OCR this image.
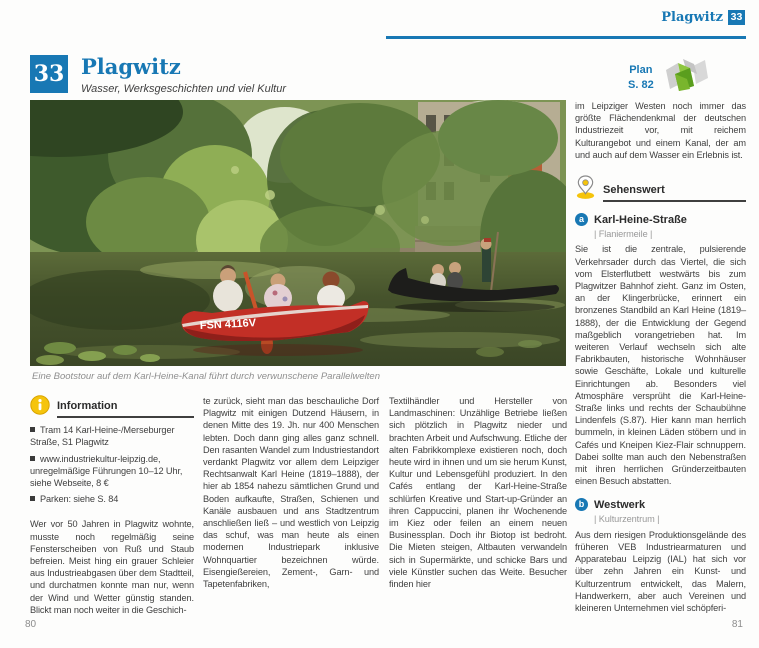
Plagwitz 33
33 Plagwitz
Wasser, Werksgeschichten und viel Kultur
Plan
S. 82
FSN 4116V
Eine Bootstour auf dem Karl-Heine-Kanal führt durch verwunschene Parallelwelten
Information
Tram 14 Karl-Heine-/Merseburger Straße, S1 Plagwitz
www.industriekultur-leipzig.de, unregelmäßige Führungen 10–12 Uhr, siehe Webseite, 8 €
Parken: siehe S. 84
Wer vor 50 Jahren in Plagwitz wohnte, musste noch regelmäßig seine Fensterscheiben von Ruß und Staub befreien. Meist hing ein grauer Schleier aus Industrieabgasen über dem Stadtteil, und durchatmen konnte man nur, wenn der Wind und Wetter günstig standen. Blickt man noch weiter in die Geschich-
te zurück, sieht man das beschauliche Dorf Plagwitz mit einigen Dutzend Häusern, in denen Mitte des 19. Jh. nur 400 Menschen lebten. Doch dann ging alles ganz schnell. Den rasanten Wandel zum Industriestandort verdankt Plagwitz vor allem dem Leipziger Rechtsanwalt Karl Heine (1819–1888), der hier ab 1854 nahezu sämtlichen Grund und Boden aufkaufte, Straßen, Schienen und Kanäle ausbauen und ans Stadtzentrum anschließen ließ – und westlich von Leipzig das schuf, was man heute als einen modernen Industriepark inklusive Wohnquartier bezeichnen würde. Eisengießereien, Zement-, Garn- und Tapetenfabriken,
Textilhändler und Hersteller von Landmaschinen: Unzählige Betriebe ließen sich plötzlich in Plagwitz nieder und brachten Arbeit und Aufschwung. Etliche der alten Fabrikkomplexe existieren noch, doch heute wird in ihnen und um sie herum Kunst, Kultur und Lebensgefühl produziert. In den Cafés entlang der Karl-Heine-Straße schlürfen Kreative und Start-up-Gründer an ihren Cappuccini, planen ihr Wochenende im Kiez oder feilen an einem neuen Businessplan. Doch ihr Biotop ist bedroht. Die Mieten steigen, Altbauten verwandeln sich in Supermärkte, und schicke Bars und viele Künstler suchen das Weite. Besucher finden hier
im Leipziger Westen noch immer das größte Flächendenkmal der deutschen Industriezeit vor, mit reichem Kulturangebot und einem Kanal, der am und auch auf dem Wasser ein Erlebnis ist.
Sehenswert
a Karl-Heine-Straße
| Flaniermeile |
Sie ist die zentrale, pulsierende Verkehrsader durch das Viertel, die sich vom Elsterflutbett westwärts bis zum Plagwitzer Bahnhof zieht. Ganz im Osten, an der Klingerbrücke, erinnert ein bronzenes Standbild an Karl Heine (1819–1888), der die Entwicklung der Gegend maßgeblich vorangetrieben hat. Im weiteren Verlauf wechseln sich alte Fabrikbauten, historische Wohnhäuser sowie Geschäfte, Lokale und kulturelle Einrichtungen ab. Besonders viel Atmosphäre versprüht die Karl-Heine-Straße links und rechts der Schaubühne Lindenfels (S.87). Hier kann man herrlich bummeln, in kleinen Läden stöbern und in Cafés und Kneipen Kiez-Flair schnuppern. Dabei sollte man auch den Nebenstraßen mit ihren herrlichen Gründerzeitbauten einen Besuch abstatten.
b Westwerk
| Kulturzentrum |
Aus dem riesigen Produktionsgelände des früheren VEB Industriearmaturen und Apparatebau Leipzig (IAL) hat sich vor über zehn Jahren ein Kunst- und Kulturzentrum entwickelt, das Malern, Handwerkern, aber auch Vereinen und kleineren Unternehmen viel schöpferi-
80	81
